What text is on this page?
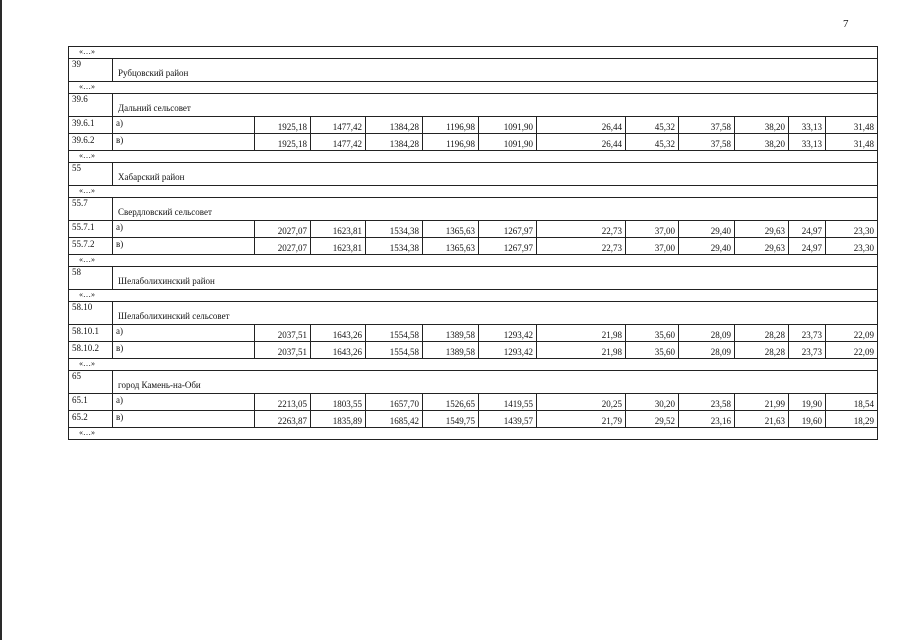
7
«…»
39
Рубцовский район
«…»
39.6
Дальний сельсовет
39.6.1	а)	1925,18	1477,42	1384,28	1196,98	1091,90	26,44	45,32	37,58	38,20	33,13	31,48
39.6.2	в)	1925,18	1477,42	1384,28	1196,98	1091,90	26,44	45,32	37,58	38,20	33,13	31,48
«…»
55
Хабарский район
«…»
55.7
Свердловский сельсовет
55.7.1	а)	2027,07	1623,81	1534,38	1365,63	1267,97	22,73	37,00	29,40	29,63	24,97	23,30
55.7.2	в)	2027,07	1623,81	1534,38	1365,63	1267,97	22,73	37,00	29,40	29,63	24,97	23,30
«…»
58
Шелаболихинский район
«…»
58.10
Шелаболихинский сельсовет
58.10.1	а)	2037,51	1643,26	1554,58	1389,58	1293,42	21,98	35,60	28,09	28,28	23,73	22,09
58.10.2	в)	2037,51	1643,26	1554,58	1389,58	1293,42	21,98	35,60	28,09	28,28	23,73	22,09
«…»
65
город Камень-на-Оби
65.1	а)	2213,05	1803,55	1657,70	1526,65	1419,55	20,25	30,20	23,58	21,99	19,90	18,54
65.2	в)	2263,87	1835,89	1685,42	1549,75	1439,57	21,79	29,52	23,16	21,63	19,60	18,29
«…»
